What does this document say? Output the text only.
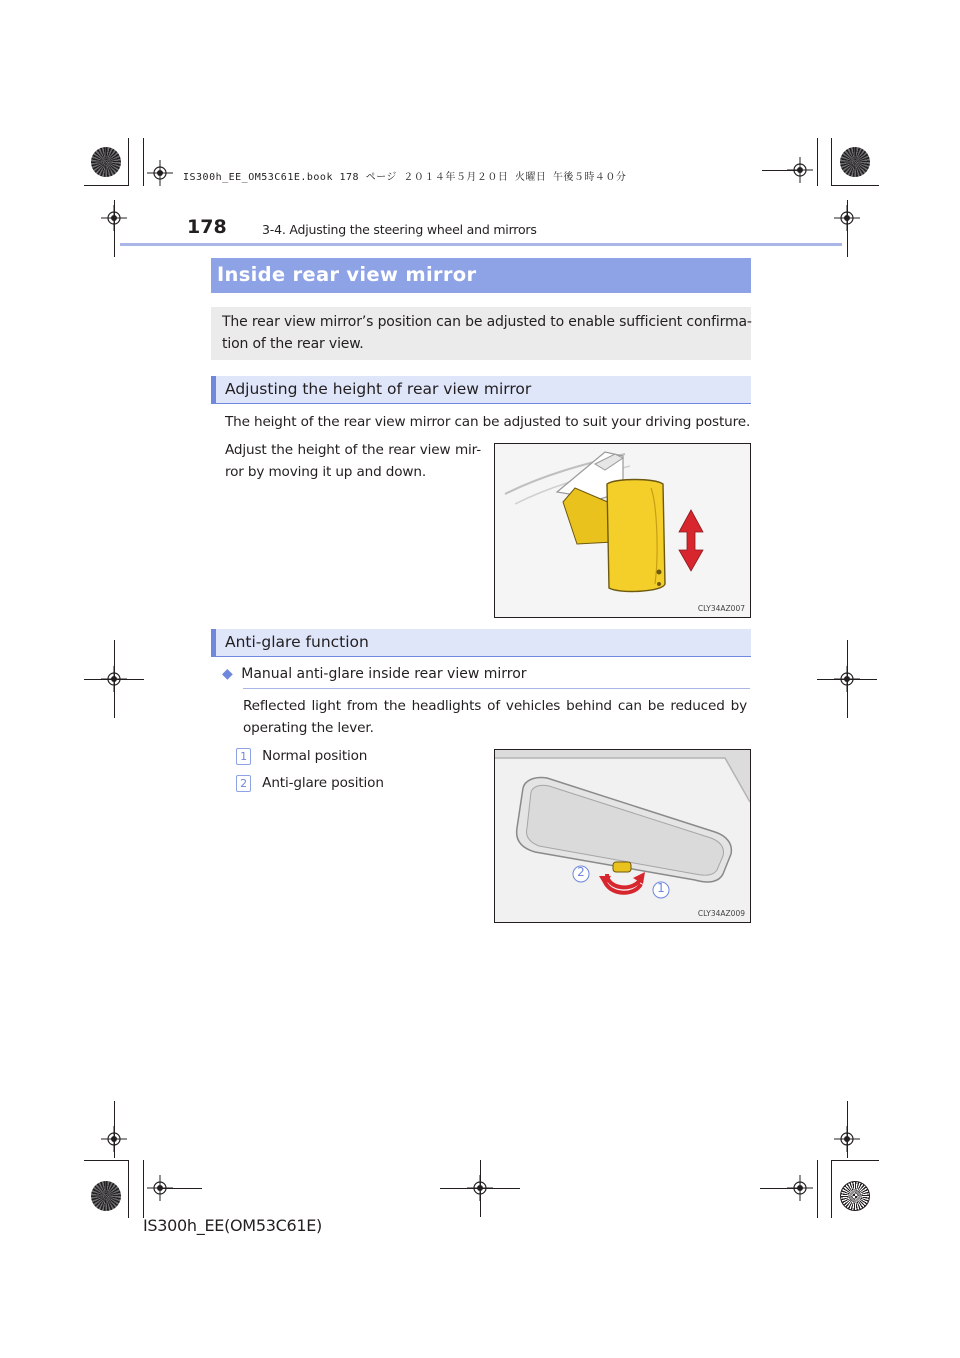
IS300h_EE_OM53C61E.book 178 ページ ２０１４年５月２０日 火曜日 午後５時４０分
178	3-4. Adjusting the steering wheel and mirrors
Inside rear view mirror
The rear view mirror’s position can be adjusted to enable sufficient confirma-
tion of the rear view.
Adjusting the height of rear view mirror
The height of the rear view mirror can be adjusted to suit your driving posture.
Adjust the height of the rear view mir-
ror by moving it up and down.
CLY34AZ007
Anti-glare function
◆ Manual anti-glare inside rear view mirror
Reflected light from the headlights of vehicles behind can be reduced by
operating the lever.
1 Normal position
2 Anti-glare position
2
1
CLY34AZ009
IS300h_EE(OM53C61E)
